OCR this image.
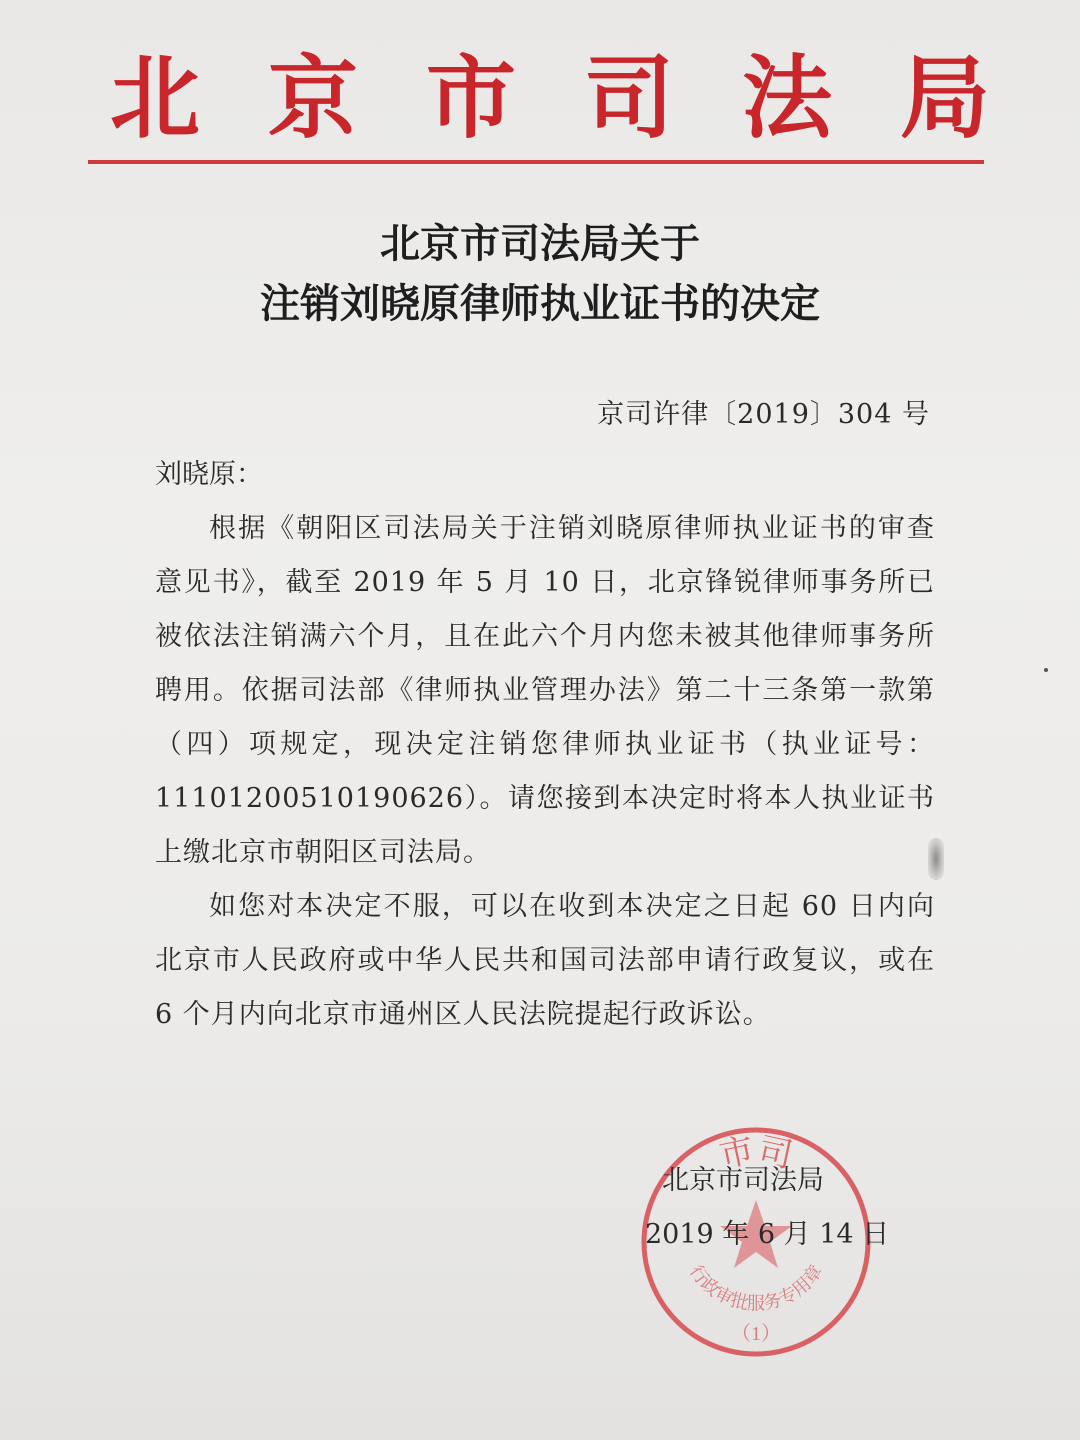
北 京 市 司 法 局
北京市司法局关于
注销刘晓原律师执业证书的决定
京司许律〔2019〕304 号
刘晓原：
根据《朝阳区司法局关于注销刘晓原律师执业证书的审查意见书》，截至 2019 年 5 月 10 日，北京锋锐律师事务所已被依法注销满六个月，且在此六个月内您未被其他律师事务所聘用。依据司法部《律师执业管理办法》第二十三条第一款第（四）项规定，现决定注销您律师执业证书（执业证号：11101200510190626）。请您接到本决定时将本人执业证书上缴北京市朝阳区司法局。
如您对本决定不服，可以在收到本决定之日起 60 日内向北京市人民政府或中华人民共和国司法部申请行政复议，或在 6 个月内向北京市通州区人民法院提起行政诉讼。
市司
行政审批服务专用章
（1）
北京市司法局
2019 年 6 月 14 日
